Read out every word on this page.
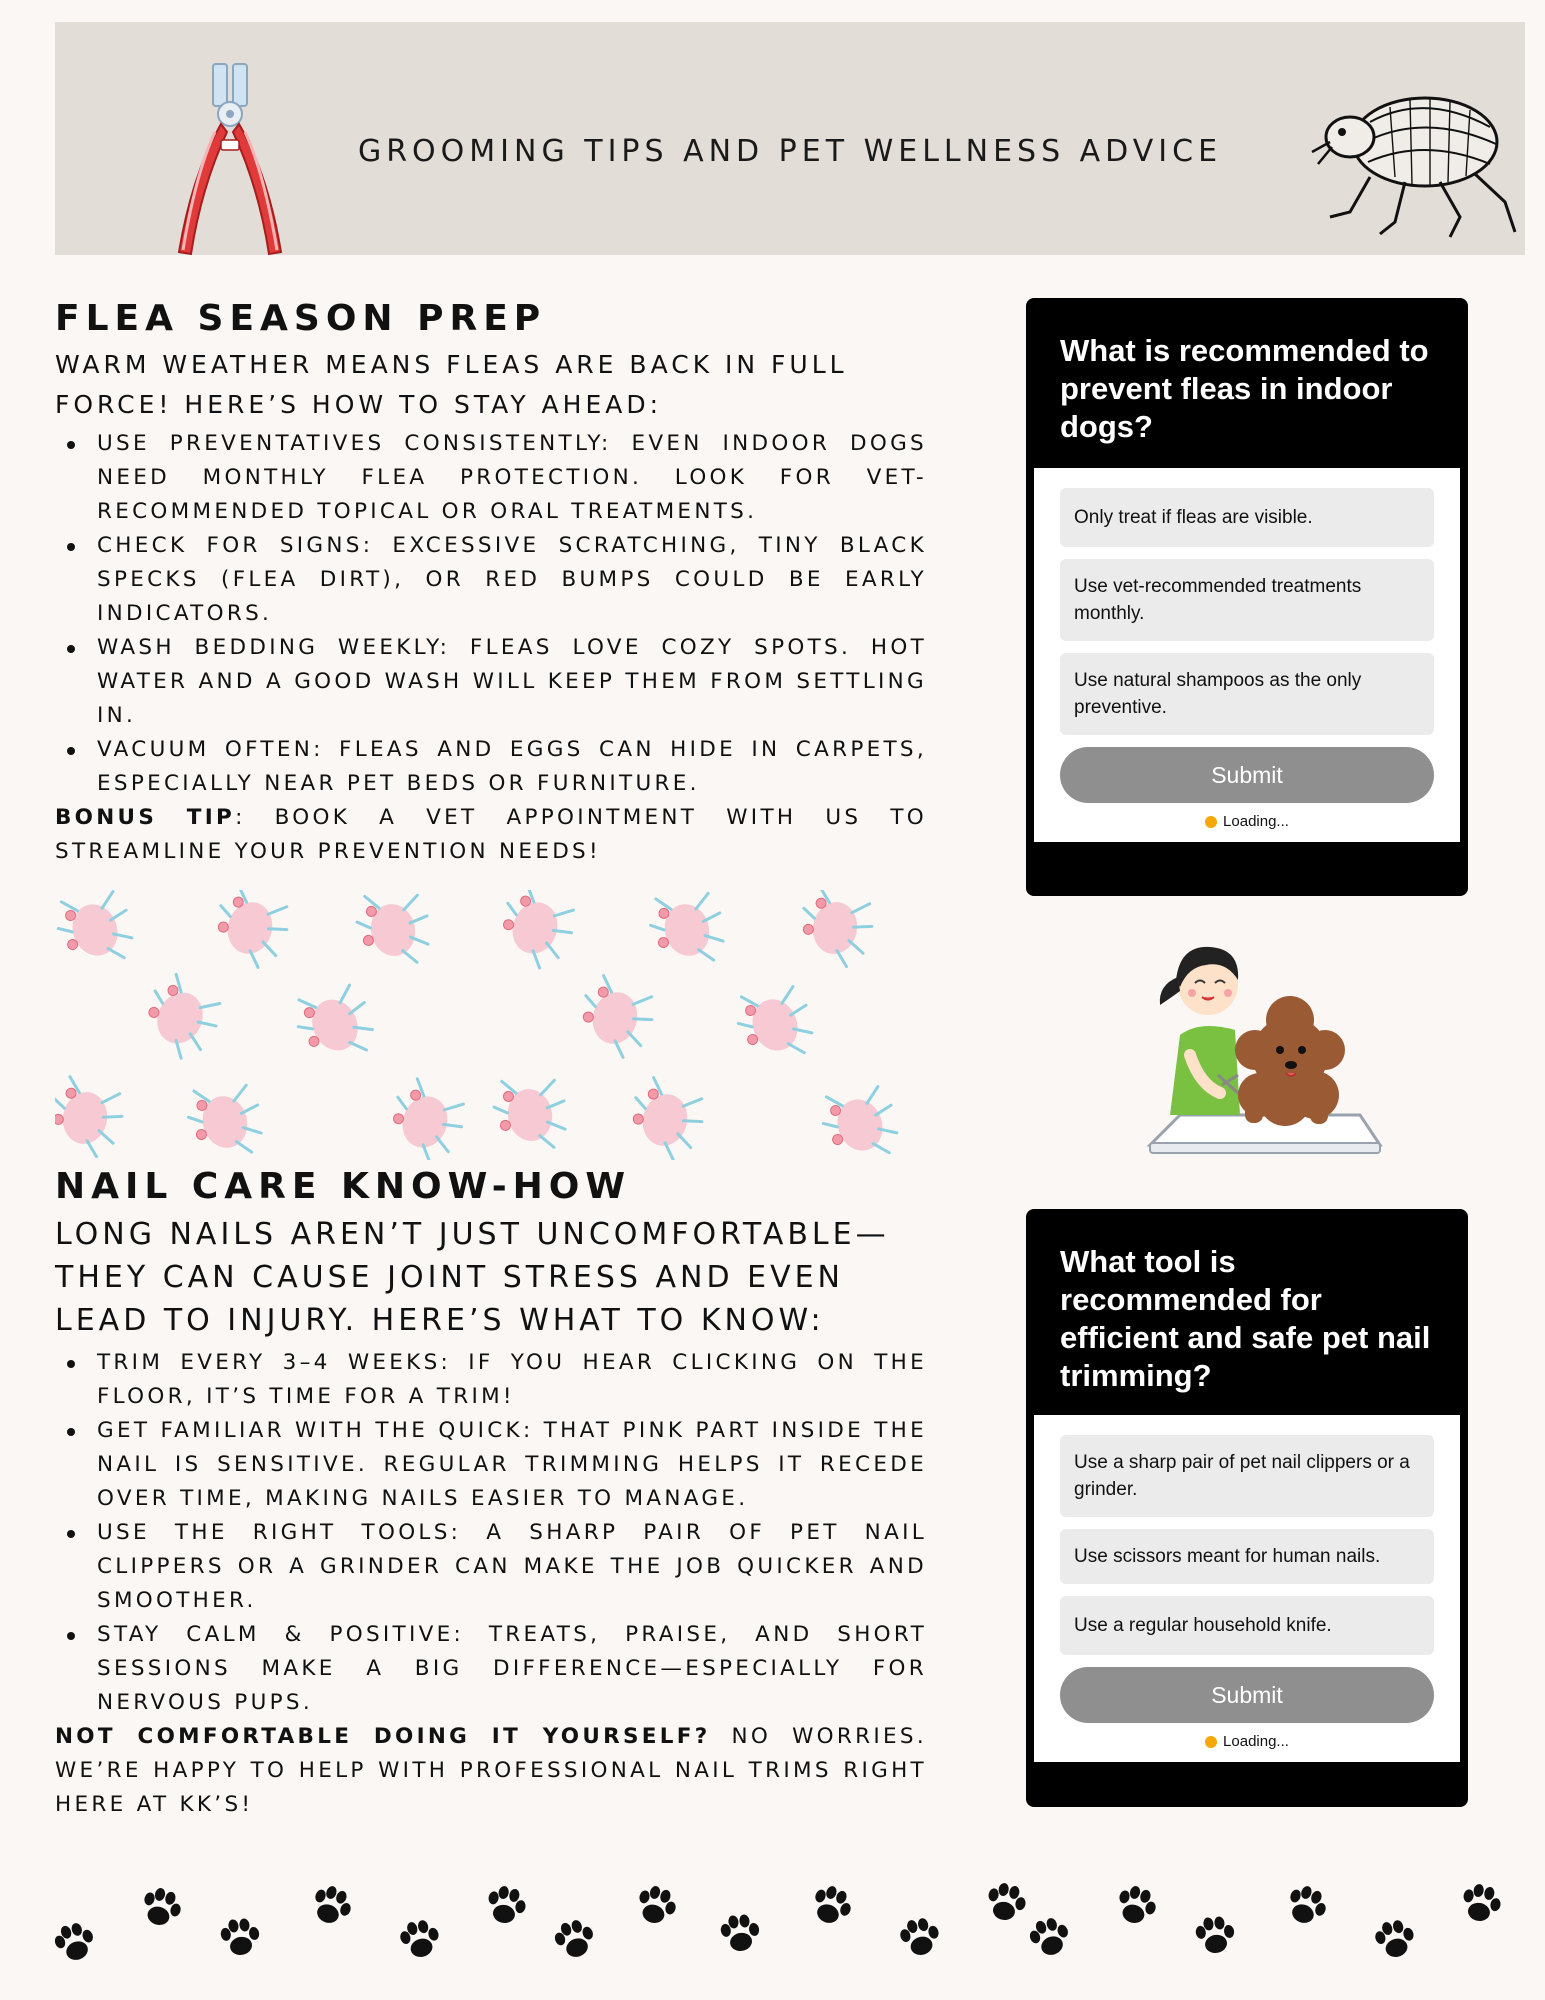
GROOMING TIPS AND PET WELLNESS ADVICE
FLEA SEASON PREP
WARM WEATHER MEANS FLEAS ARE BACK IN FULL FORCE! HERE’S HOW TO STAY AHEAD:
USE PREVENTATIVES CONSISTENTLY: EVEN INDOOR DOGS NEED MONTHLY FLEA PROTECTION. LOOK FOR VET-RECOMMENDED TOPICAL OR ORAL TREATMENTS.
CHECK FOR SIGNS: EXCESSIVE SCRATCHING, TINY BLACK SPECKS (FLEA DIRT), OR RED BUMPS COULD BE EARLY INDICATORS.
WASH BEDDING WEEKLY: FLEAS LOVE COZY SPOTS. HOT WATER AND A GOOD WASH WILL KEEP THEM FROM SETTLING IN.
VACUUM OFTEN: FLEAS AND EGGS CAN HIDE IN CARPETS, ESPECIALLY NEAR PET BEDS OR FURNITURE.
BONUS TIP: BOOK A VET APPOINTMENT WITH US TO STREAMLINE YOUR PREVENTION NEEDS!
NAIL CARE KNOW-HOW
LONG NAILS AREN’T JUST UNCOMFORTABLE—THEY CAN CAUSE JOINT STRESS AND EVEN LEAD TO INJURY. HERE’S WHAT TO KNOW:
TRIM EVERY 3–4 WEEKS: IF YOU HEAR CLICKING ON THE FLOOR, IT’S TIME FOR A TRIM!
GET FAMILIAR WITH THE QUICK: THAT PINK PART INSIDE THE NAIL IS SENSITIVE. REGULAR TRIMMING HELPS IT RECEDE OVER TIME, MAKING NAILS EASIER TO MANAGE.
USE THE RIGHT TOOLS: A SHARP PAIR OF PET NAIL CLIPPERS OR A GRINDER CAN MAKE THE JOB QUICKER AND SMOOTHER.
STAY CALM & POSITIVE: TREATS, PRAISE, AND SHORT SESSIONS MAKE A BIG DIFFERENCE—ESPECIALLY FOR NERVOUS PUPS.
NOT COMFORTABLE DOING IT YOURSELF? NO WORRIES. WE’RE HAPPY TO HELP WITH PROFESSIONAL NAIL TRIMS RIGHT HERE AT KK’S!
What is recommended to prevent fleas in indoor dogs?
Only treat if fleas are visible.
Use vet-recommended treatments monthly.
Use natural shampoos as the only preventive.
Submit
Loading...
What tool is recommended for efficient and safe pet nail trimming?
Use a sharp pair of pet nail clippers or a grinder.
Use scissors meant for human nails.
Use a regular household knife.
Submit
Loading...
